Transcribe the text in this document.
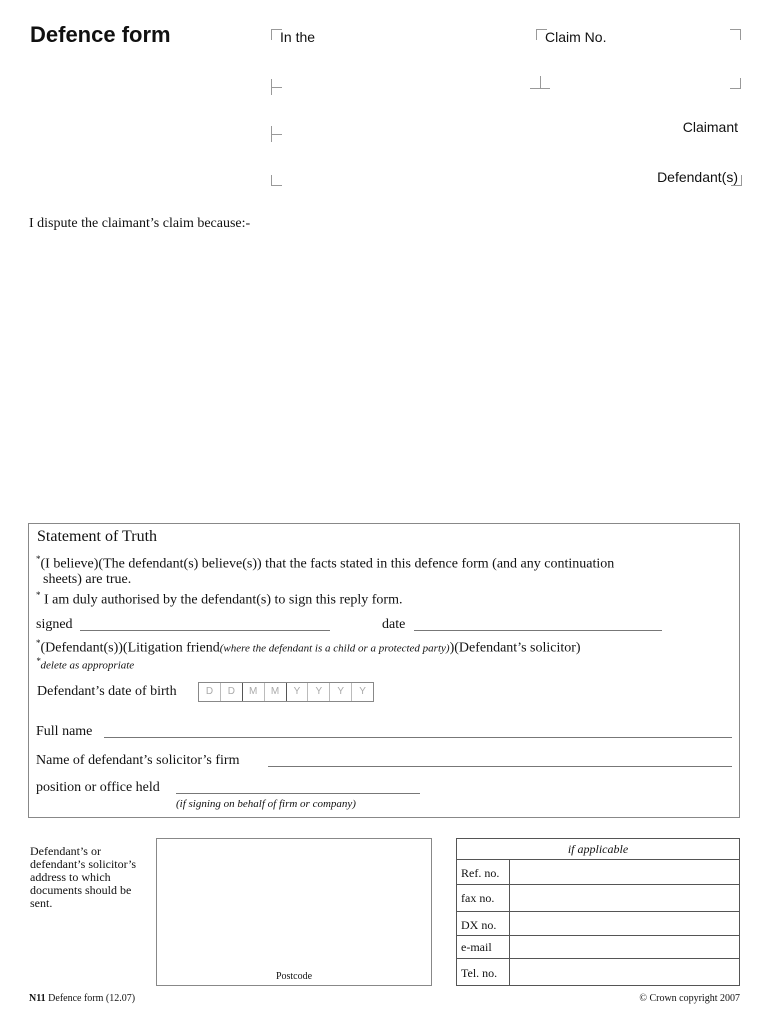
Defence form	In the	Claim No.
Claimant
Defendant(s)
I dispute the claimant’s claim because:-
Statement of Truth
*(I believe)(The defendant(s) believe(s)) that the facts stated in this defence form (and any continuation
sheets) are true.
* I am duly authorised by the defendant(s) to sign this reply form.
signed	date
*(Defendant(s))(Litigation friend(where the defendant is a child or a protected party))(Defendant’s solicitor)
*delete as appropriate
Defendant’s date of birth	D	D	M	M	Y	Y	Y	Y
Full name
Name of defendant’s solicitor’s firm
position or office held
(if signing on behalf of firm or company)
Defendant’s or defendant’s solicitor’s address to which documents should be sent.
Postcode
if applicable
Ref. no.
fax no.
DX no.
e-mail
Tel. no.
N11 Defence form (12.07)	© Crown copyright 2007
